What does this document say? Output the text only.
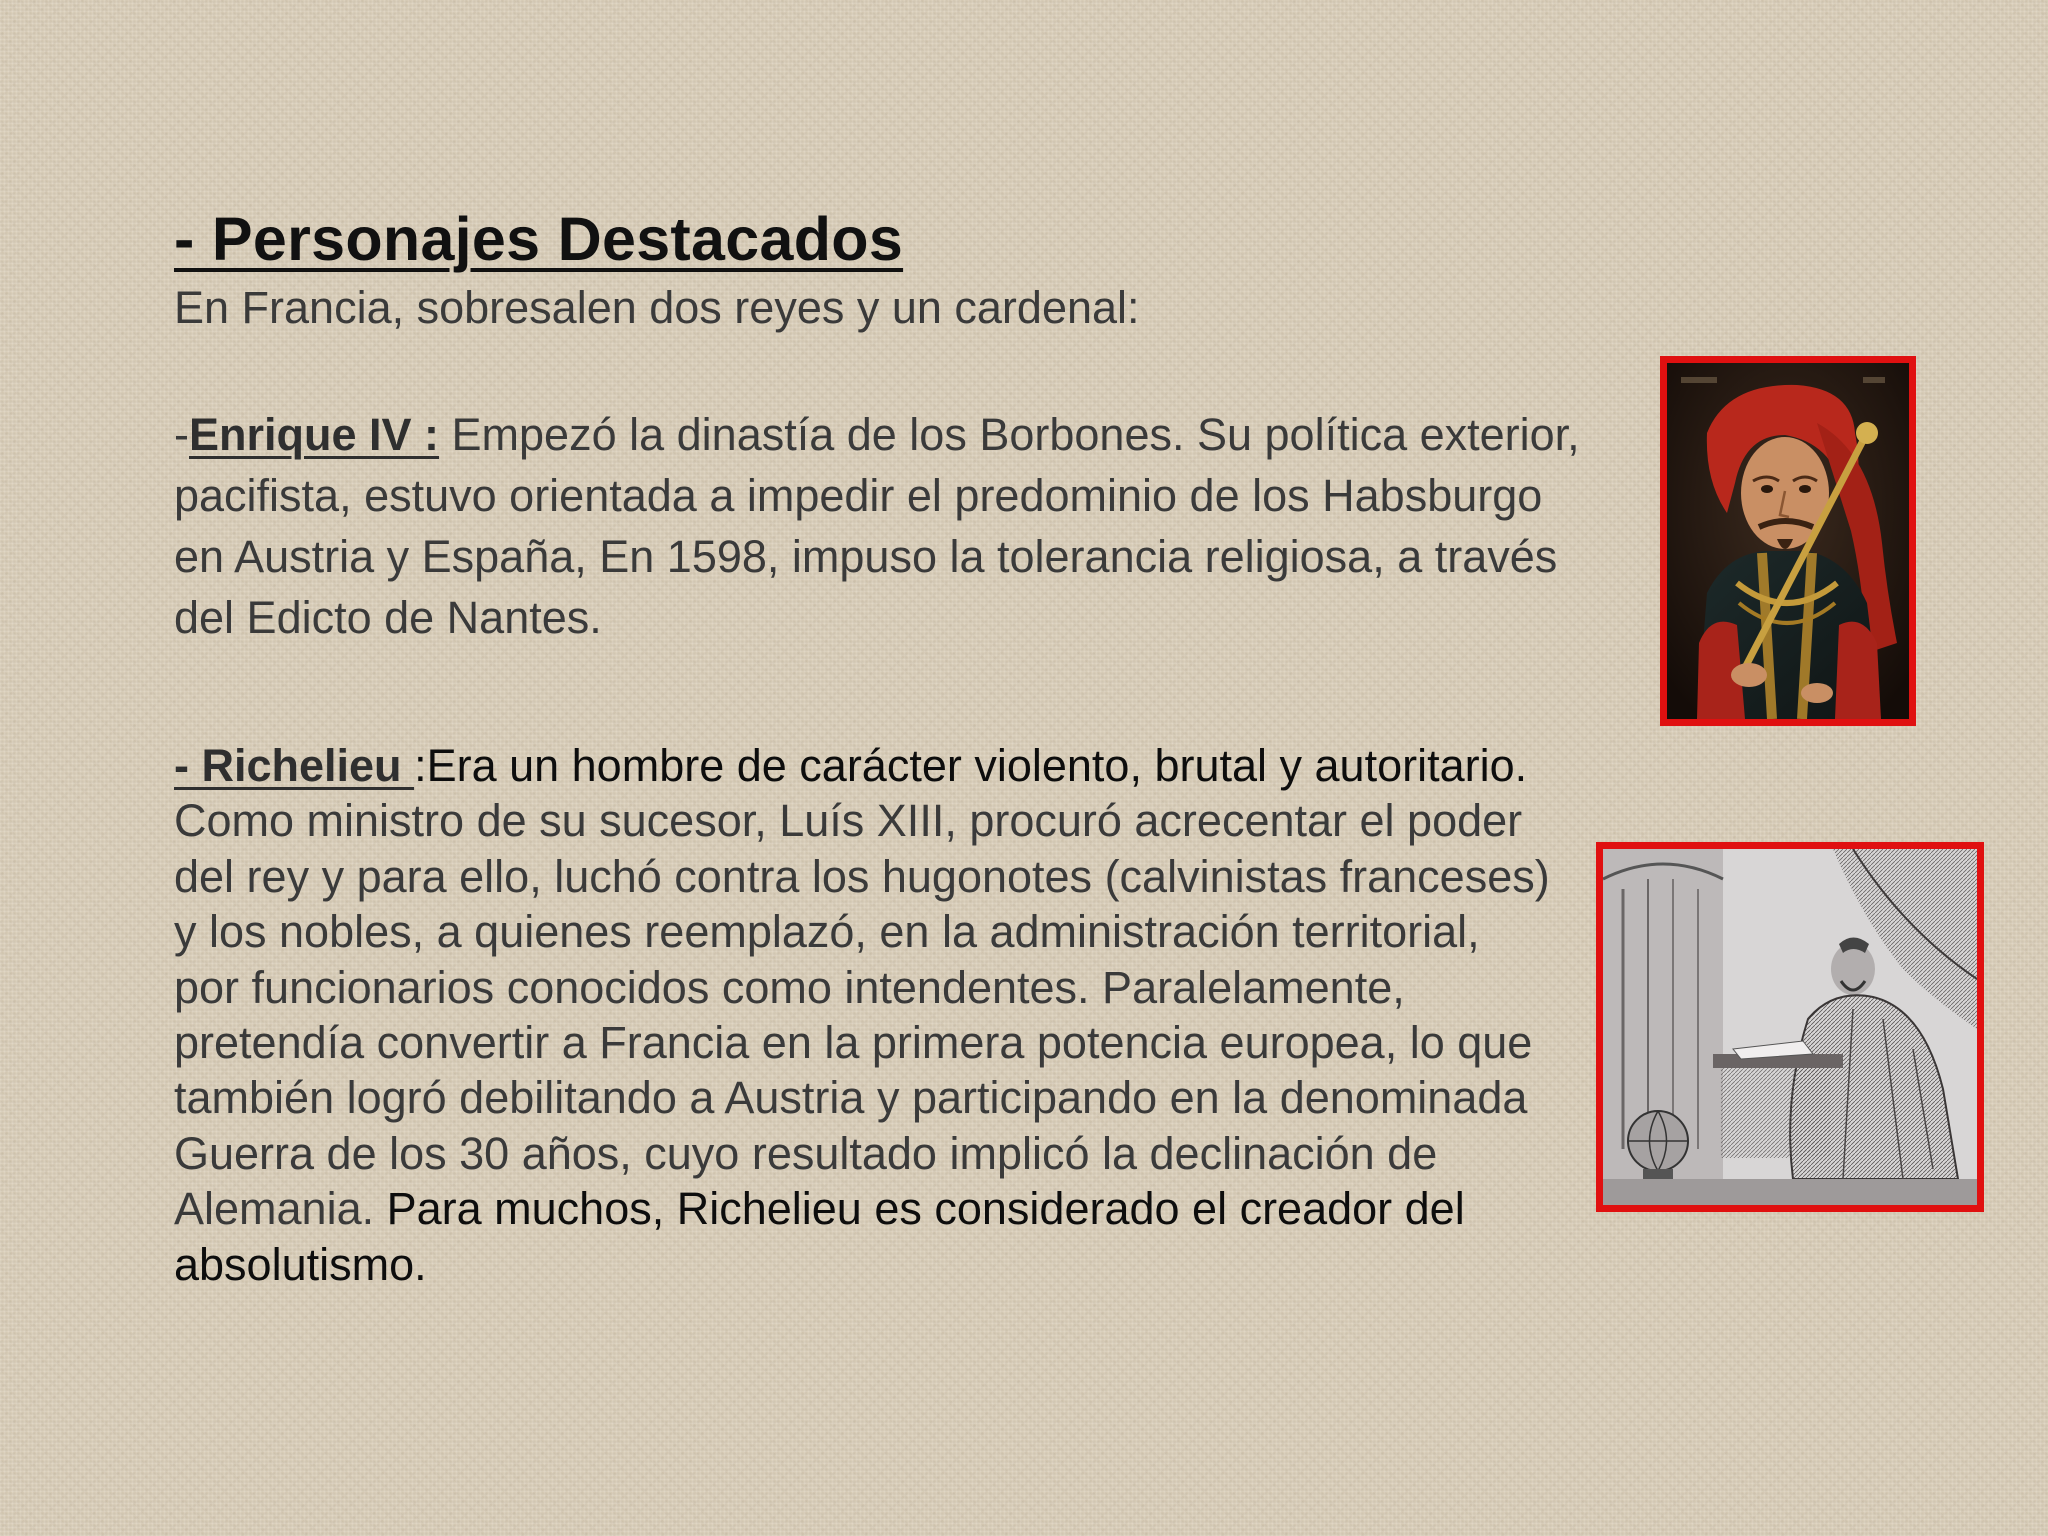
- Personajes Destacados

En Francia, sobresalen dos reyes y un cardenal:

-Enrique IV : Empezó la dinastía de los Borbones. Su política exterior, pacifista, estuvo orientada a impedir el predominio de los Habsburgo en Austria y España, En 1598, impuso la tolerancia religiosa, a través del Edicto de Nantes.

- Richelieu :Era un hombre de carácter violento, brutal y autoritario. Como ministro de su sucesor, Luís XIII, procuró acrecentar el poder del rey y para ello, luchó contra los hugonotes (calvinistas franceses) y los nobles, a quienes reemplazó, en la administración territorial, por funcionarios conocidos como intendentes. Paralelamente, pretendía convertir a Francia en la primera potencia europea, lo que también logró debilitando a Austria y participando en la denominada Guerra de los 30 años, cuyo resultado implicó la declinación de Alemania. Para muchos, Richelieu es considerado el creador del absolutismo.
